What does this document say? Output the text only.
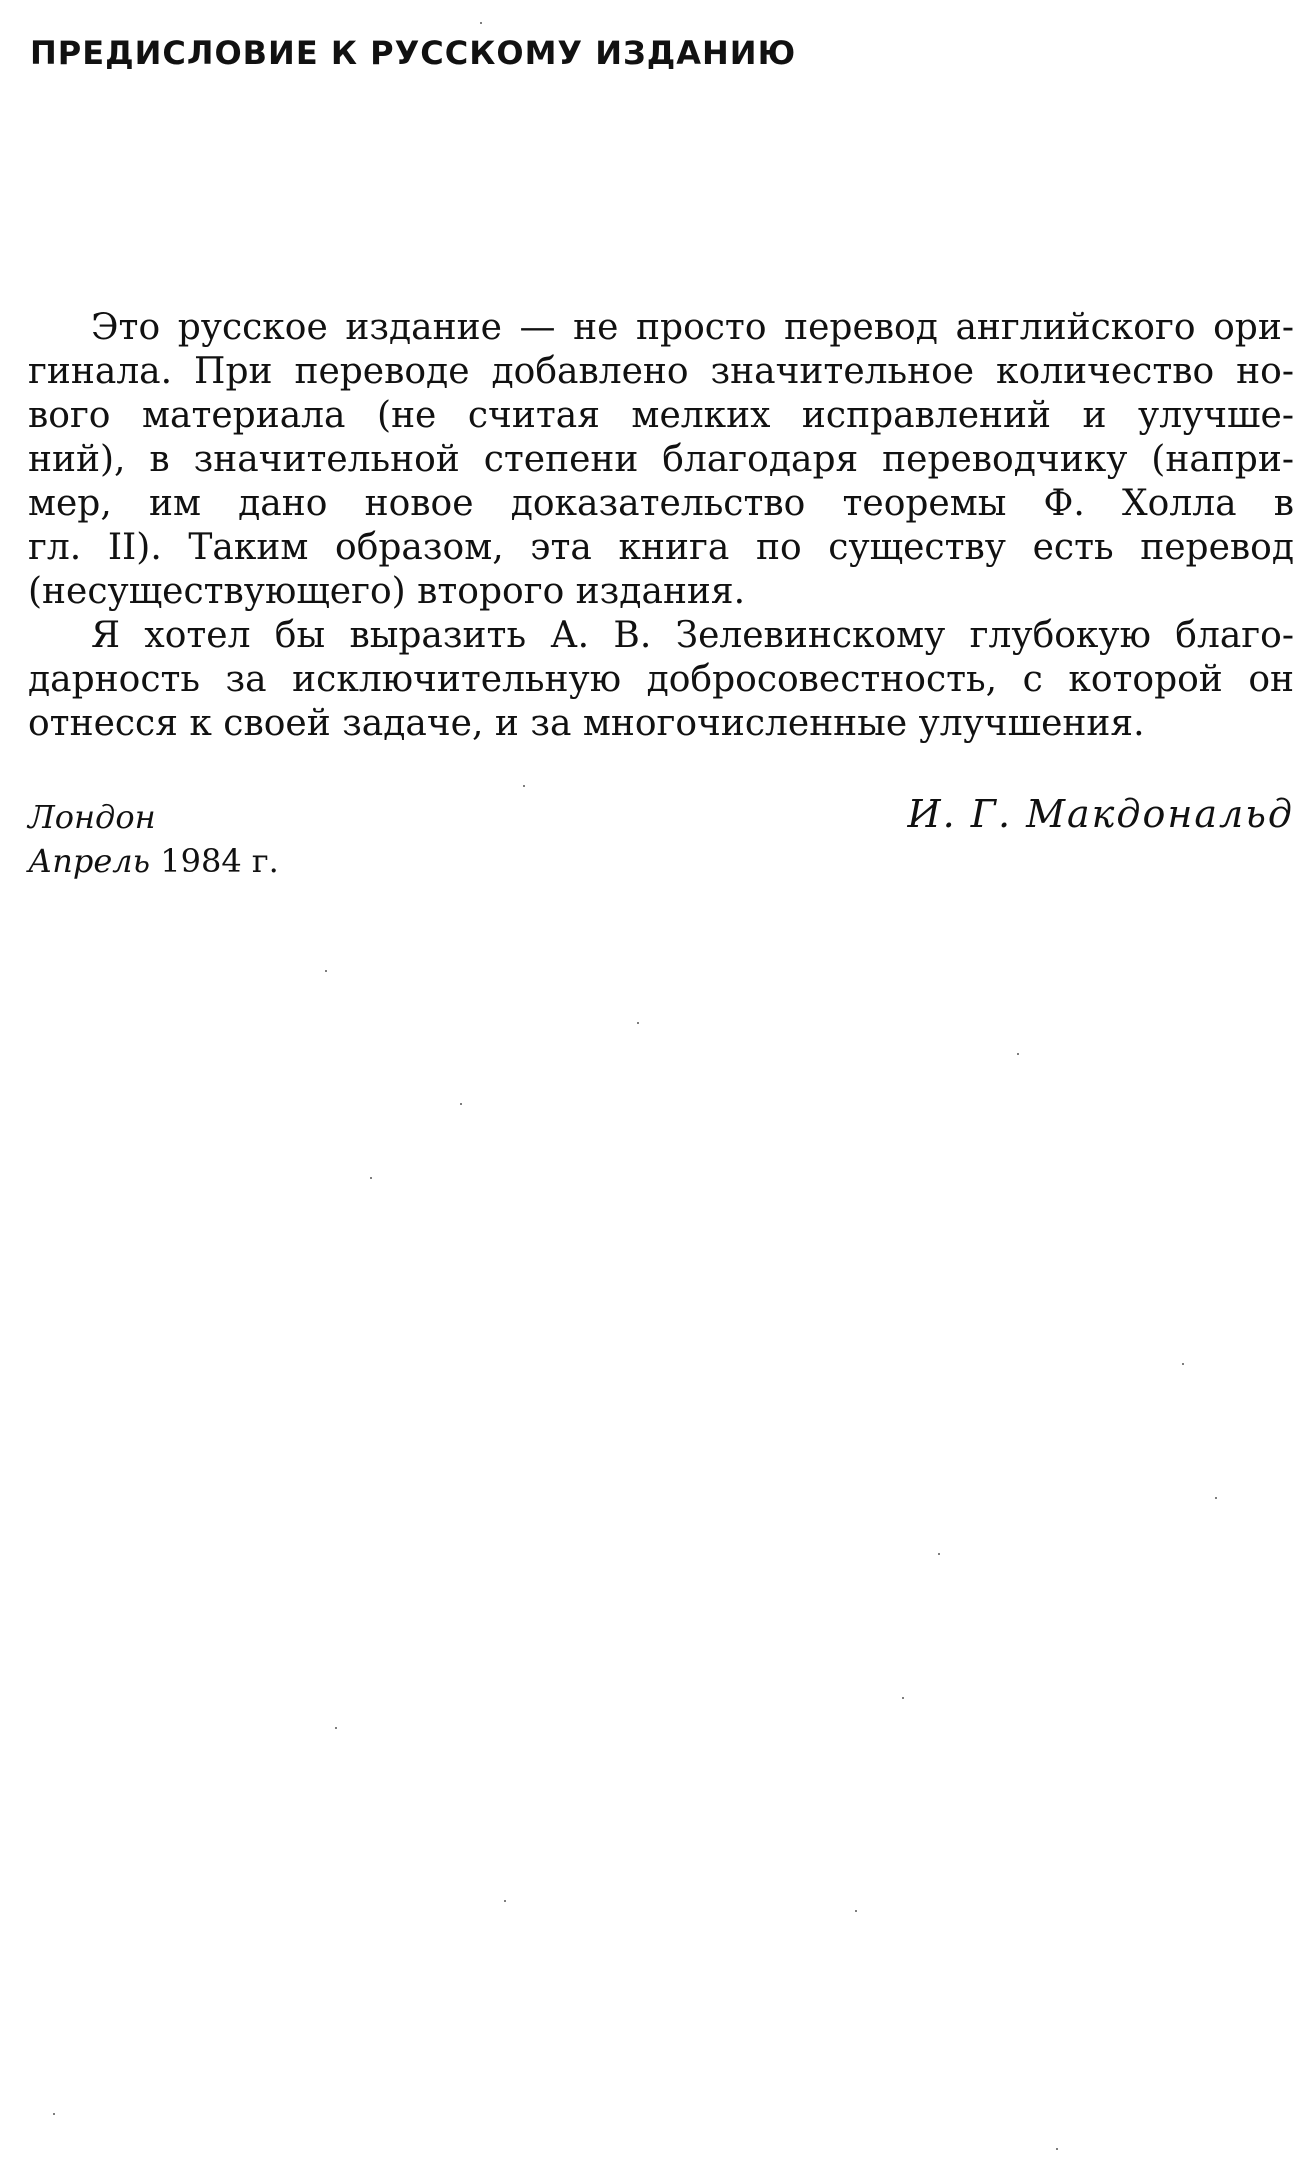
ПРЕДИСЛОВИЕ К РУССКОМУ ИЗДАНИЮ
Это русское издание — не просто перевод английского ори-
гинала. При переводе добавлено значительное количество но-
вого материала (не считая мелких исправлений и улучше-
ний), в значительной степени благодаря переводчику (напри-
мер, им дано новое доказательство теоремы Ф. Холла в
гл. II). Таким образом, эта книга по существу есть перевод
(несуществующего) второго издания.
Я хотел бы выразить А. В. Зелевинскому глубокую благо-
дарность за исключительную добросовестность, с которой он
отнесся к своей задаче, и за многочисленные улучшения.
Лондон
Апрель 1984 г.
И. Г. Макдональд
